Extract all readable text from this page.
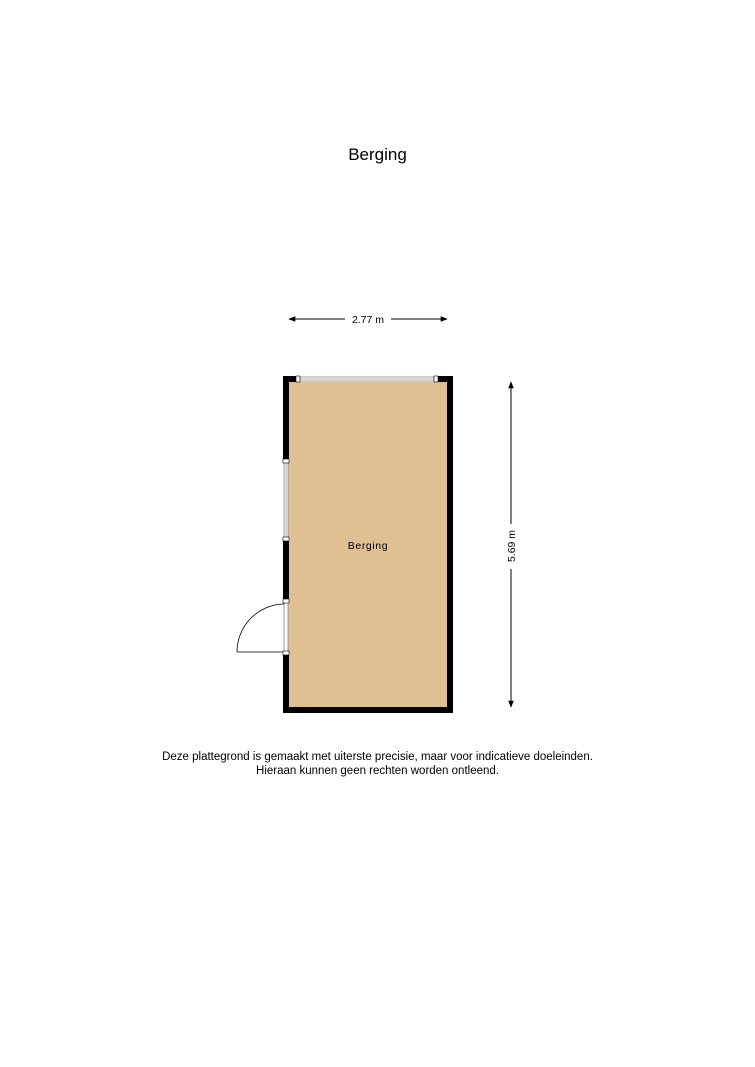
Berging
2.77 m
5.69 m
Berging
Deze plattegrond is gemaakt met uiterste precisie, maar voor indicatieve doeleinden.
Hieraan kunnen geen rechten worden ontleend.
